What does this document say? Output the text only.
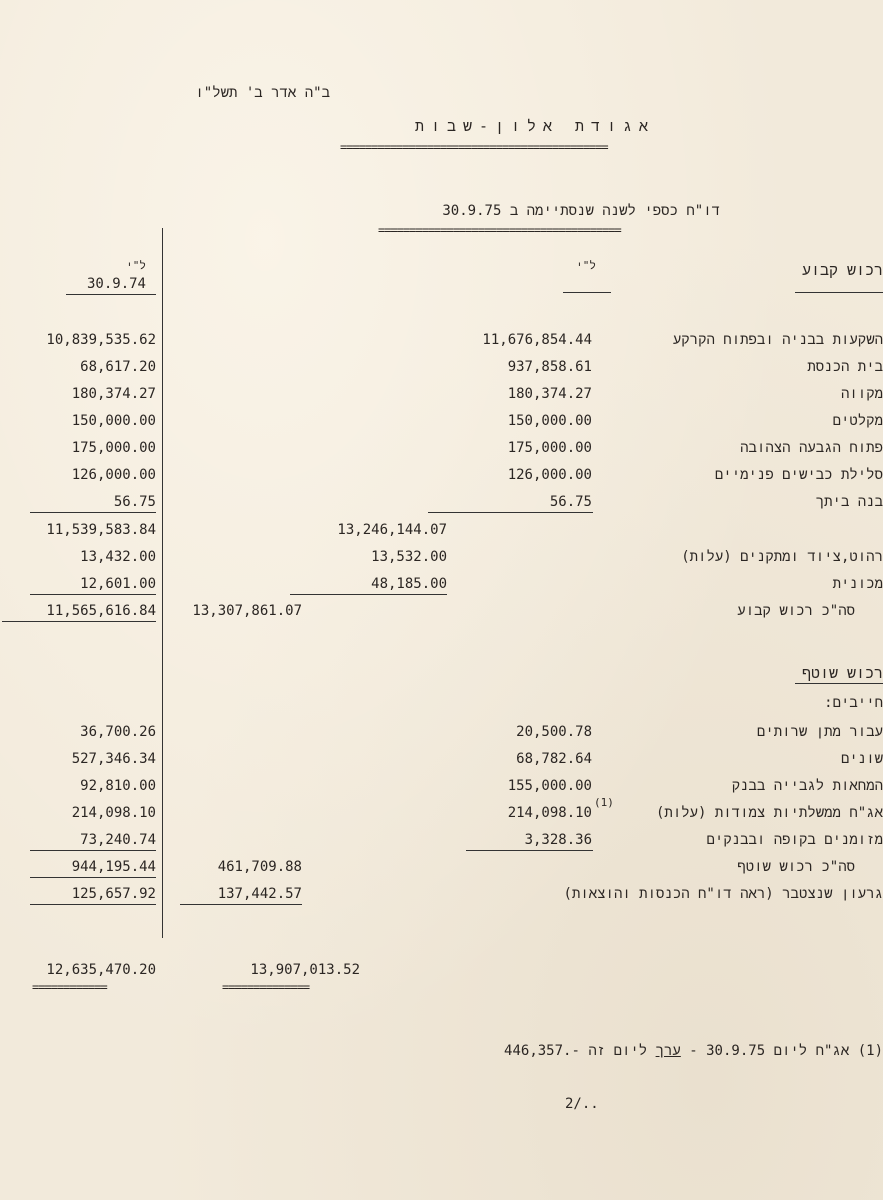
ב"ה אדר ב' תשל"ו
אגודת אלון-שבות
===========================================
דו"ח כספי לשנה שנסתיימה ב 30.9.75
=======================================
ל"י
30.9.74
ל"י	רכוש קבוע
השקעות בבניה ובפתוח הקרקע
11,676,854.44
10,839,535.62
בית הכנסת
937,858.61
68,617.20
מקווה
180,374.27
180,374.27
מקלטים
150,000.00
150,000.00
פתוח הגבעה הצהובה
175,000.00
175,000.00
סלילת כבישים פנימיים
126,000.00
126,000.00
בנה ביתך
56.75
56.75
13,246,144.07
11,539,583.84
רהוט,ציוד ומתקנים (עלות)
13,532.00
13,432.00
מכונית
48,185.00
12,601.00
סה"כ רכוש קבוע
13,307,861.07
11,565,616.84
רכוש שוטף
חייבים:
עבור מתן שרותים
20,500.78
36,700.26
שונים
68,782.64
527,346.34
המחאות לגבייה בבנק
155,000.00
92,810.00
אג"ח ממשלתיות צמודות (עלות)
(1)
214,098.10
214,098.10
מזומנים בקופה ובבנקים
3,328.36
73,240.74
סה"כ רכוש שוטף
461,709.88
944,195.44
גרעון שנצטבר (ראה דו"ח הכנסות והוצאות)
137,442.57
125,657.92
13,907,013.52
12,635,470.20
==============
============
(1) אג"ח ליום 30.9.75 - ערך ליום זה -.446,357
2/..
